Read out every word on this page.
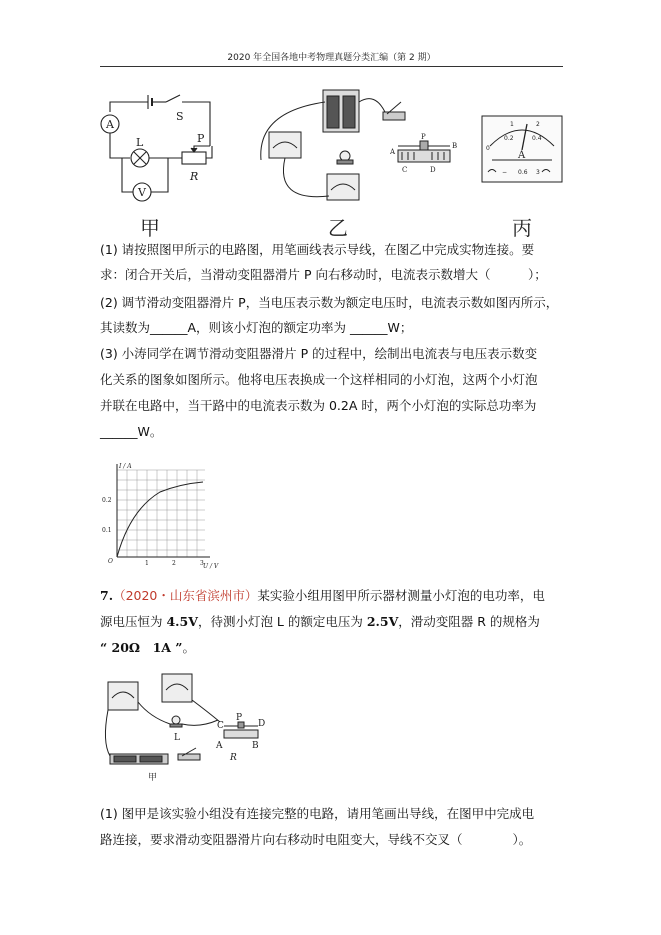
2020 年全国各地中考物理真题分类汇编（第 2 期）
A
V
S
L	P
R
P
A
B
C	D
0
1	2
0.2	0.4
− 0.6 3
A
甲	乙	丙
(1) 请按照图甲所示的电路图，用笔画线表示导线，在图乙中完成实物连接。要
求：闭合开关后，当滑动变阻器滑片 P 向右移动时，电流表示数增大（　　　）；
(2) 调节滑动变阻器滑片 P，当电压表示数为额定电压时，电流表示数如图丙所示，
其读数为______A，则该小灯泡的额定功率为 ______W；
(3) 小涛同学在调节滑动变阻器滑片 P 的过程中，绘制出电流表与电压表示数变
化关系的图象如图所示。他将电压表换成一个这样相同的小灯泡，这两个小灯泡
并联在电路中，当干路中的电流表示数为 0.2A 时，两个小灯泡的实际总功率为
______W。
I / A
U / V
O
0.1
0.2
1	2	3
7.（2020・山东省滨州市）某实验小组用图甲所示器材测量小灯泡的电功率，电
源电压恒为 4.5V，待测小灯泡 L 的额定电压为 2.5V，滑动变阻器 R 的规格为
“ 20Ω　1A ”。
C
P
D
A	B
L
R
甲
(1) 图甲是该实验小组没有连接完整的电路，请用笔画出导线，在图甲中完成电
路连接，要求滑动变阻器滑片向右移动时电阻变大，导线不交叉（　　　　）。
